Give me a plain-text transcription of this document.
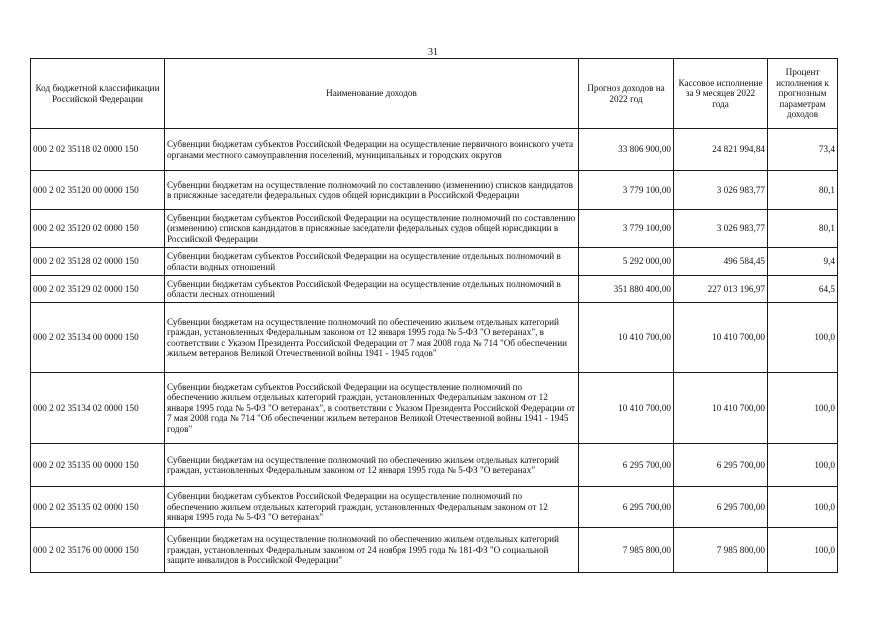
31
Код бюджетной классификации Российской Федерации	Наименование доходов	Прогноз доходов на 2022 год	Кассовое исполнение за 9 месяцев 2022 года	Процент исполнения к прогнозным параметрам доходов
000 2 02 35118 02 0000 150	Субвенции бюджетам субъектов Российской Федерации на осуществление первичного воинского учета органами местного самоуправления поселений, муниципальных и городских округов	33 806 900,00	24 821 994,84	73,4
000 2 02 35120 00 0000 150	Субвенции бюджетам на осуществление полномочий по составлению (изменению) списков кандидатов в присяжные заседатели федеральных судов общей юрисдикции в Российской Федерации	3 779 100,00	3 026 983,77	80,1
000 2 02 35120 02 0000 150	Субвенции бюджетам субъектов Российской Федерации на осуществление полномочий по составлению (изменению) списков кандидатов в присяжные заседатели федеральных судов общей юрисдикции в Российской Федерации	3 779 100,00	3 026 983,77	80,1
000 2 02 35128 02 0000 150	Субвенции бюджетам субъектов Российской Федерации на осуществление отдельных полномочий в области водных отношений	5 292 000,00	496 584,45	9,4
000 2 02 35129 02 0000 150	Субвенции бюджетам субъектов Российской Федерации на осуществление отдельных полномочий в области лесных отношений	351 880 400,00	227 013 196,97	64,5
000 2 02 35134 00 0000 150	Субвенции бюджетам на осуществление полномочий по обеспечению жильем отдельных категорий граждан, установленных Федеральным законом от 12 января 1995 года № 5-ФЗ "О ветеранах", в соответствии с Указом Президента Российской Федерации от 7 мая 2008 года № 714 "Об обеспечении жильем ветеранов Великой Отечественной войны 1941 - 1945 годов"	10 410 700,00	10 410 700,00	100,0
000 2 02 35134 02 0000 150	Субвенции бюджетам субъектов Российской Федерации на осуществление полномочий по обеспечению жильем отдельных категорий граждан, установленных Федеральным законом от 12 января 1995 года № 5-ФЗ "О ветеранах", в соответствии с Указом Президента Российской Федерации от 7 мая 2008 года № 714 "Об обеспечении жильем ветеранов Великой Отечественной войны 1941 - 1945 годов"	10 410 700,00	10 410 700,00	100,0
000 2 02 35135 00 0000 150	Субвенции бюджетам на осуществление полномочий по обеспечению жильем отдельных категорий граждан, установленных Федеральным законом от 12 января 1995 года № 5-ФЗ "О ветеранах"	6 295 700,00	6 295 700,00	100,0
000 2 02 35135 02 0000 150	Субвенции бюджетам субъектов Российской Федерации на осуществление полномочий по обеспечению жильем отдельных категорий граждан, установленных Федеральным законом от 12 января 1995 года № 5-ФЗ "О ветеранах"	6 295 700,00	6 295 700,00	100,0
000 2 02 35176 00 0000 150	Субвенции бюджетам на осуществление полномочий по обеспечению жильем отдельных категорий граждан, установленных Федеральным законом от 24 ноября 1995 года № 181-ФЗ "О социальной защите инвалидов в Российской Федерации"	7 985 800,00	7 985 800,00	100,0
